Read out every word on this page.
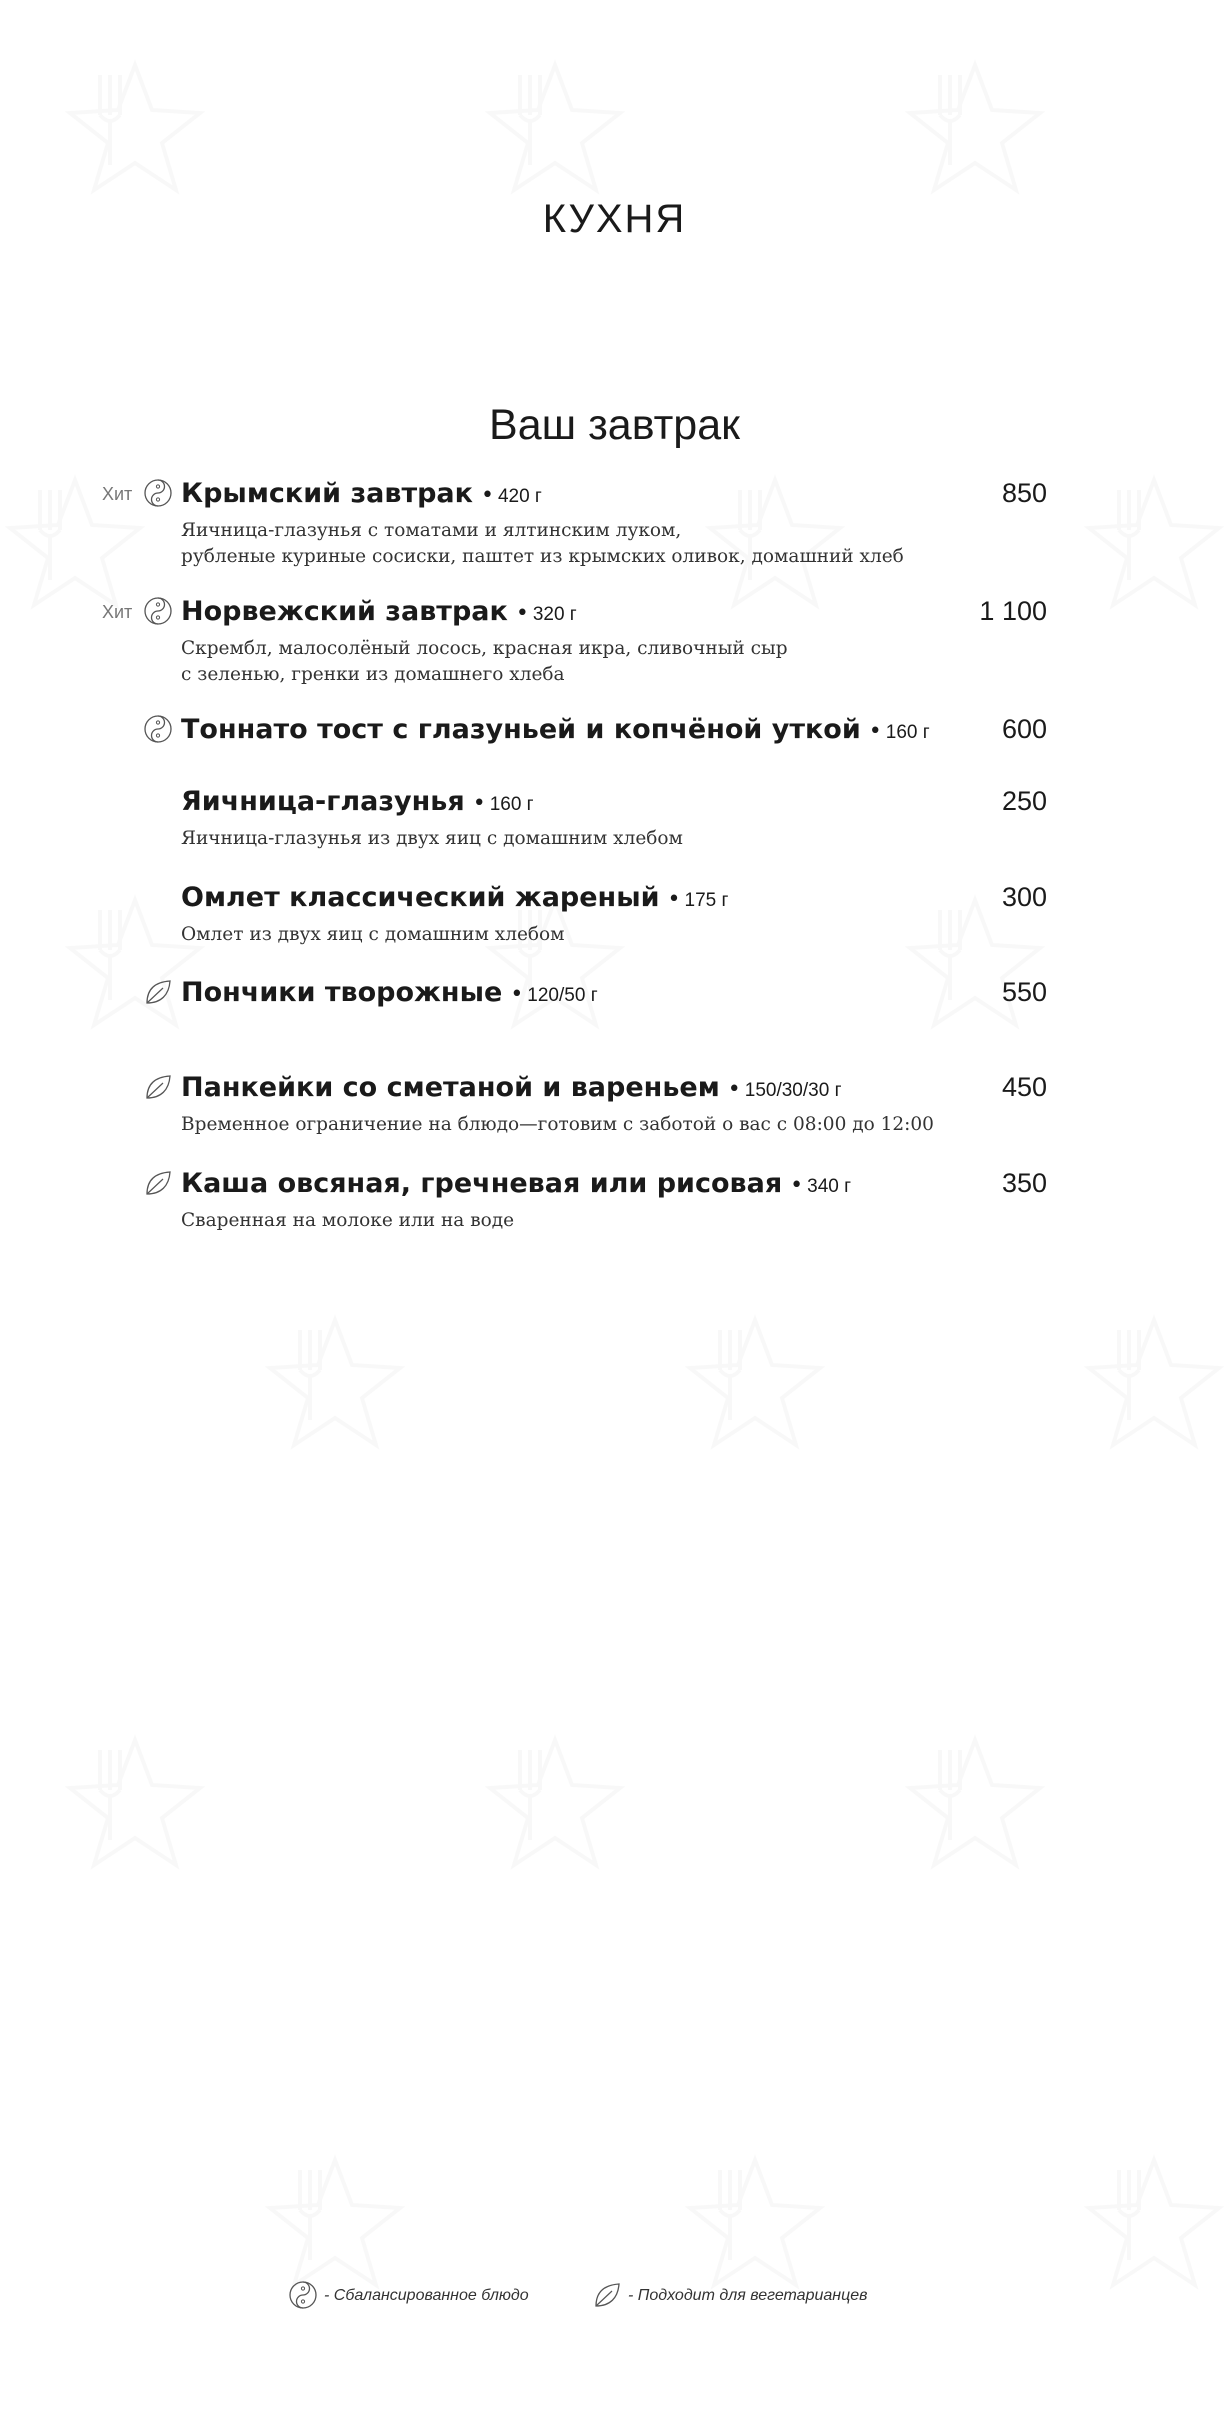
КУХНЯ
Ваш завтрак
Хит Крымский завтрак • 420 г	850
Яичница-глазунья с томатами и ялтинским луком,
рубленые куриные сосиски, паштет из крымских оливок, домашний хлеб
Хит Норвежский завтрак • 320 г	1 100
Скрембл, малосолёный лосось, красная икра, сливочный сыр
с зеленью, гренки из домашнего хлеба
Тоннато тост с глазуньей и копчёной уткой • 160 г	600
Яичница-глазунья • 160 г	250
Яичница-глазунья из двух яиц с домашним хлебом
Омлет классический жареный • 175 г	300
Омлет из двух яиц с домашним хлебом
Пончики творожные • 120/50 г	550
Панкейки со сметаной и вареньем • 150/30/30 г	450
Временное ограничение на блюдо—готовим с заботой о вас с 08:00 до 12:00
Каша овсяная, гречневая или рисовая • 340 г	350
Сваренная на молоке или на воде
- Сбалансированное блюдо	- Подходит для вегетарианцев
